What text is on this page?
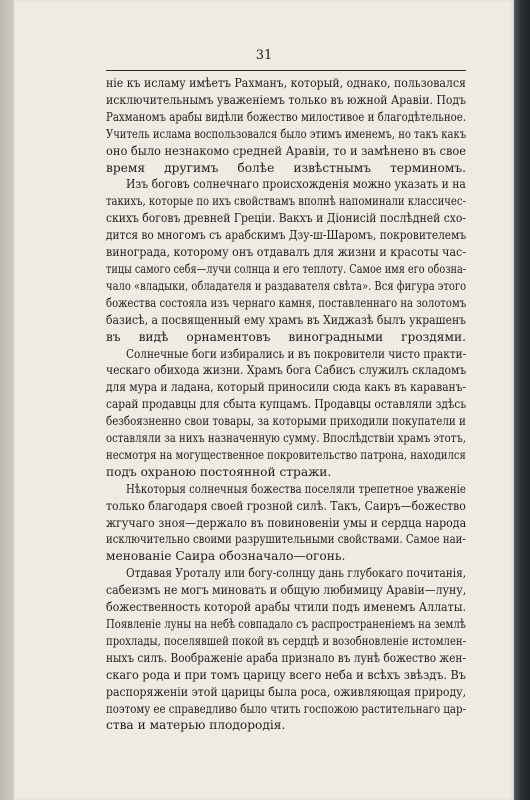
31
ніе къ исламу имѣетъ Рахманъ, который, однако, пользовался
исключительнымъ уваженіемъ только въ южной Аравіи. Подъ
Рахманомъ арабы видѣли божество милостивое и благодѣтельное.
Учитель ислама воспользовался было этимъ именемъ, но такъ какъ
оно было незнакомо средней Аравіи, то и замѣнено въ свое
время другимъ болѣе извѣстнымъ терминомъ.
Изъ боговъ солнечнаго происхожденія можно указать и на
такихъ, которые по ихъ свойствамъ вполнѣ напоминали классичес-
скихъ боговъ древней Греціи. Вакхъ и Діонисій послѣдней схо-
дится во многомъ съ арабскимъ Дзу-ш-Шаромъ, покровителемъ
винограда, которому онъ отдавалъ для жизни и красоты час-
тицы самого себя—лучи солнца и его теплоту. Самое имя его обозна-
чало «владыки, обладателя и раздавателя свѣта». Вся фигура этого
божества состояла изъ чернаго камня, поставленнаго на золотомъ
базисѣ, а посвященный ему храмъ въ Хиджазѣ былъ украшенъ
въ видѣ орнаментовъ виноградными гроздями.
Солнечные боги избирались и въ покровители чисто практи-
ческаго обихода жизни. Храмъ бога Сабисъ служилъ складомъ
для мура и ладана, который приносили сюда какъ въ караванъ-
сарай продавцы для сбыта купцамъ. Продавцы оставляли здѣсь
безбоязненно свои товары, за которыми приходили покупатели и
оставляли за нихъ назначенную сумму. Впослѣдствіи храмъ этотъ,
несмотря на могущественное покровительство патрона, находился
подъ охраною постоянной стражи.
Нѣкоторыя солнечныя божества поселяли трепетное уваженіе
только благодаря своей грозной силѣ. Такъ, Саиръ—божество
жгучаго зноя—держало въ повиновеніи умы и сердца народа
исключительно своими разрушительными свойствами. Самое наи-
менованіе Саира обозначало—огонь.
Отдавая Уроталу или богу-солнцу дань глубокаго почитанія,
сабеизмъ не могъ миновать и общую любимицу Аравіи—луну,
божественность которой арабы чтили подъ именемъ Аллаты.
Появленіе луны на небѣ совпадало съ распространеніемъ на землѣ
прохлады, поселявшей покой въ сердцѣ и возобновленіе истомлен-
ныхъ силъ. Воображеніе араба признало въ лунѣ божество жен-
скаго рода и при томъ царицу всего неба и всѣхъ звѣздъ. Въ
распоряженіи этой царицы была роса, оживляющая природу,
поэтому ее справедливо было чтить госпожою растительнаго цар-
ства и матерью плодородія.
